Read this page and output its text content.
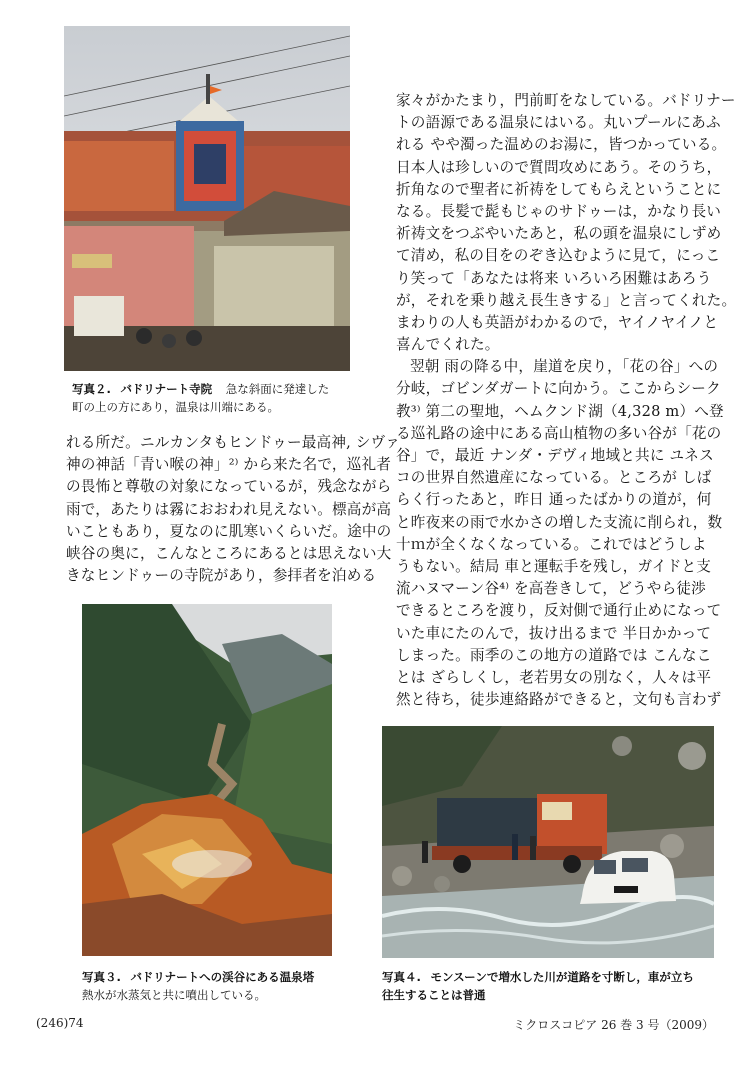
写真２. バドリナート寺院 急な斜面に発達した
町の上の方にあり，温泉は川端にある。
れる所だ。ニルカンタもヒンドゥー最高神, シヴァ
神の神話「青い喉の神」²⁾ から来た名で，巡礼者
の畏怖と尊敬の対象になっているが，残念ながら
雨で，あたりは霧におおわれ見えない。標高が高
いこともあり，夏なのに肌寒いくらいだ。途中の
峡谷の奥に，こんなところにあるとは思えない大
きなヒンドゥーの寺院があり，参拝者を泊める
写真３. バドリナートへの渓谷にある温泉塔
熱水が水蒸気と共に噴出している。
家々がかたまり，門前町をなしている。バドリナー
トの語源である温泉にはいる。丸いプールにあふ
れる やや濁った温めのお湯に，皆つかっている。
日本人は珍しいので質問攻めにあう。そのうち，
折角なので聖者に祈祷をしてもらえということに
なる。長髪で髭もじゃのサドゥーは，かなり長い
祈祷文をつぶやいたあと，私の頭を温泉にしずめ
て清め，私の目をのぞき込むように見て，にっこ
り笑って「あなたは将来 いろいろ困難はあろう
が，それを乗り越え長生きする」と言ってくれた。
まわりの人も英語がわかるので，ヤイノヤイノと
喜んでくれた。
翌朝 雨の降る中，崖道を戻り，「花の谷」への
分岐，ゴビンダガートに向かう。ここからシーク
教³⁾ 第二の聖地，ヘムクンド湖（4,328 m）へ登
る巡礼路の途中にある高山植物の多い谷が「花の
谷」で，最近 ナンダ・デヴィ地域と共に ユネス
コの世界自然遺産になっている。ところが しば
らく行ったあと，昨日 通ったばかりの道が，何
と昨夜来の雨で水かさの増した支流に削られ，数
十ｍが全くなくなっている。これではどうしよ
うもない。結局 車と運転手を残し，ガイドと支
流ハヌマーン谷⁴⁾ を高巻きして，どうやら徒渉
できるところを渡り，反対側で通行止めになって
いた車にたのんで，抜け出るまで 半日かかって
しまった。雨季のこの地方の道路では こんなこ
とは ざらしくし，老若男女の別なく，人々は平
然と待ち，徒歩連絡路ができると，文句も言わず
写真４. モンスーンで増水した川が道路を寸断し，車が立ち
往生することは普通
(246)74	ミクロスコピア 26 巻 3 号（2009）
